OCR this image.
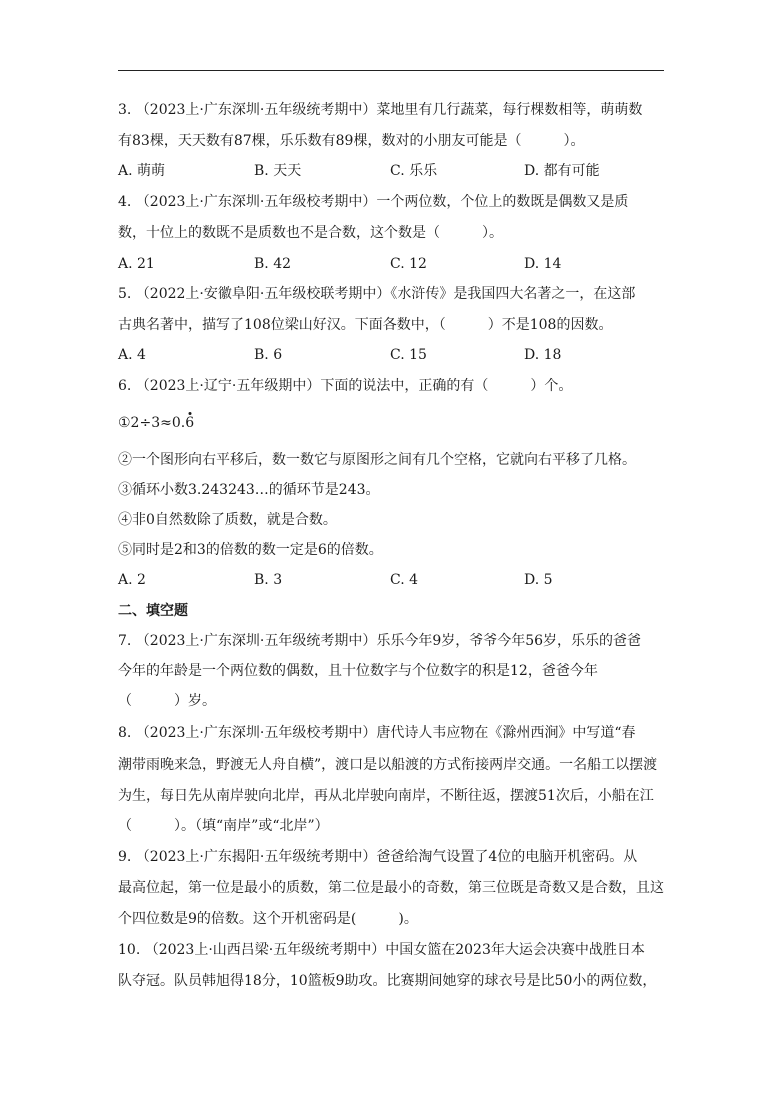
3. （2023上·广东深圳·五年级统考期中）菜地里有几行蔬菜，每行棵数相等，萌萌数
有83棵，天天数有87棵，乐乐数有89棵，数对的小朋友可能是（　　　）。
A. 萌萌	B. 天天	C. 乐乐	D. 都有可能
4. （2023上·广东深圳·五年级校考期中）一个两位数，个位上的数既是偶数又是质
数，十位上的数既不是质数也不是合数，这个数是（　　　）。
A. 21	B. 42	C. 12	D. 14
5. （2022上·安徽阜阳·五年级校联考期中）《水浒传》是我国四大名著之一，在这部
古典名著中，描写了108位梁山好汉。下面各数中，（　　　）不是108的因数。
A. 4	B. 6	C. 15	D. 18
6. （2023上·辽宁·五年级期中）下面的说法中，正确的有（　　　）个。
①2÷3≈0.6
②一个图形向右平移后，数一数它与原图形之间有几个空格，它就向右平移了几格。
③循环小数3.243243…的循环节是243。
④非0自然数除了质数，就是合数。
⑤同时是2和3的倍数的数一定是6的倍数。
A. 2	B. 3	C. 4	D. 5
二、填空题
7. （2023上·广东深圳·五年级统考期中）乐乐今年9岁，爷爷今年56岁，乐乐的爸爸
今年的年龄是一个两位数的偶数，且十位数字与个位数字的积是12，爸爸今年
（　　　）岁。
8. （2023上·广东深圳·五年级校考期中）唐代诗人韦应物在《滁州西涧》中写道“春
潮带雨晚来急，野渡无人舟自横”，渡口是以船渡的方式衔接两岸交通。一名船工以摆渡
为生，每日先从南岸驶向北岸，再从北岸驶向南岸，不断往返，摆渡51次后，小船在江
（　　　）。（填“南岸”或“北岸”）
9. （2023上·广东揭阳·五年级统考期中）爸爸给淘气设置了4位的电脑开机密码。从
最高位起，第一位是最小的质数，第二位是最小的奇数，第三位既是奇数又是合数，且这
个四位数是9的倍数。这个开机密码是(　　　)。
10. （2023上·山西吕梁·五年级统考期中）中国女篮在2023年大运会决赛中战胜日本
队夺冠。队员韩旭得18分，10篮板9助攻。比赛期间她穿的球衣号是比50小的两位数，
